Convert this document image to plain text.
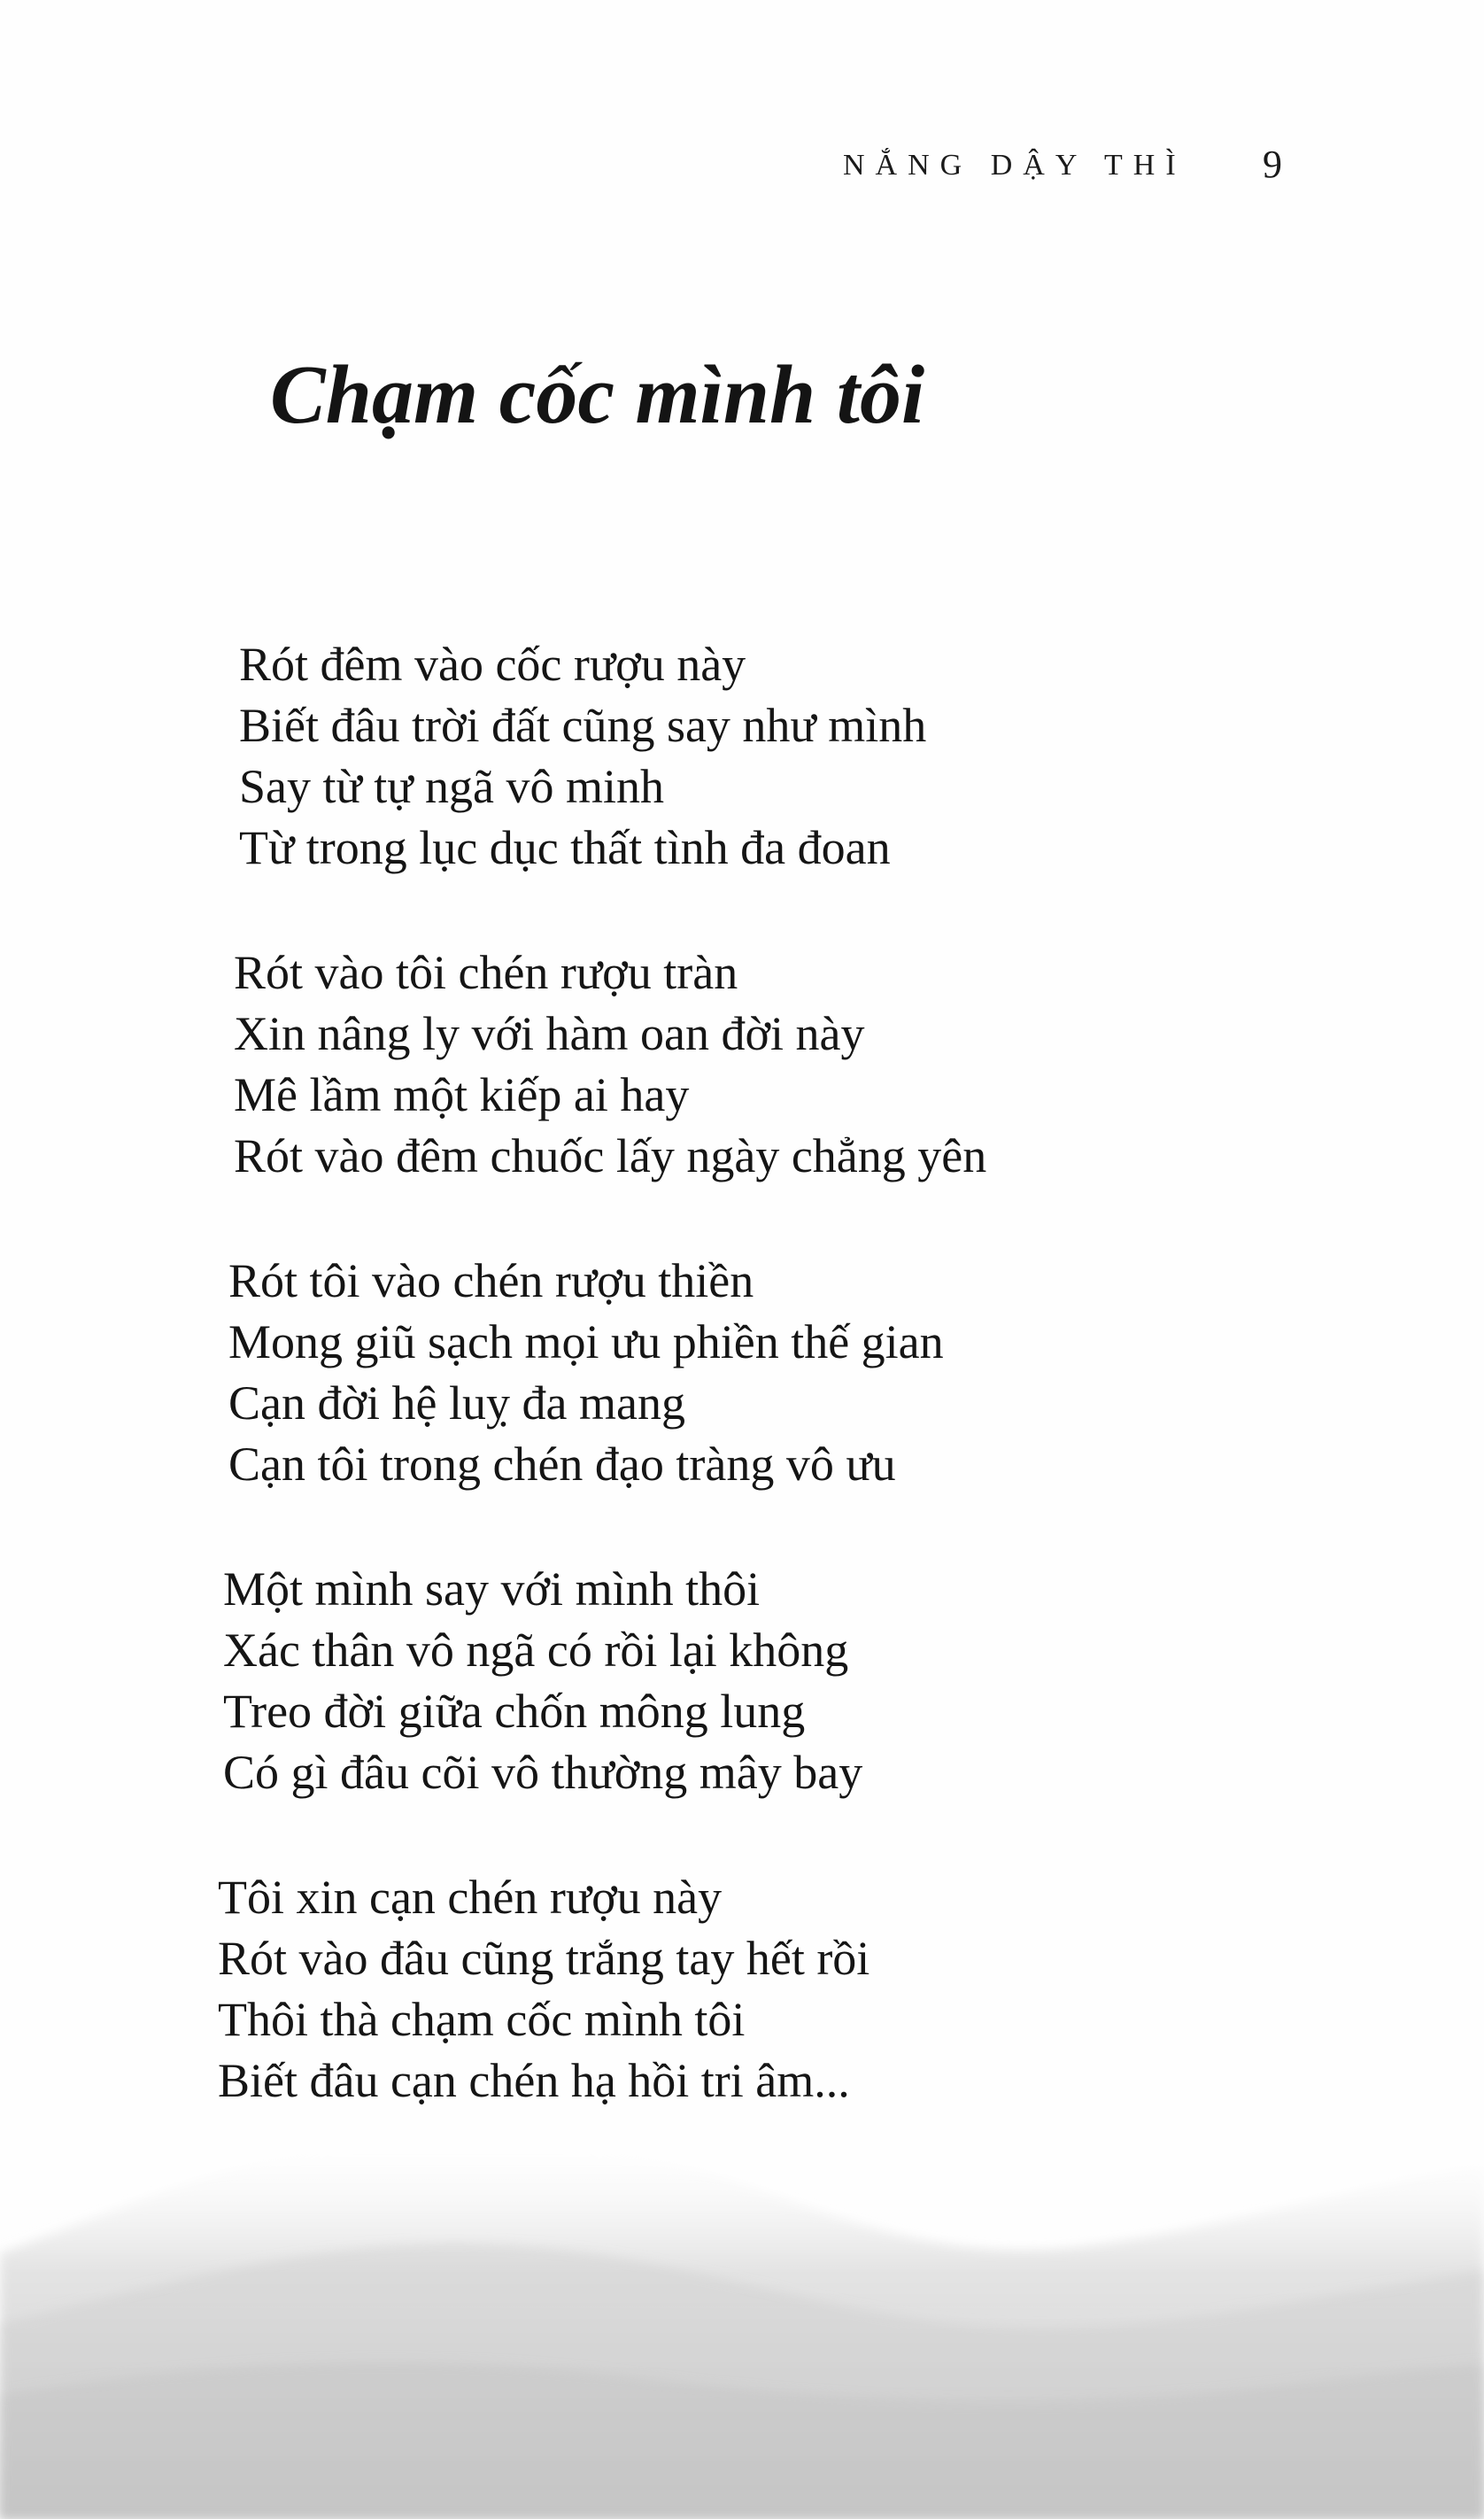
NẮNG DẬY THÌ 9
Chạm cốc mình tôi
Rót đêm vào cốc rượu này
Biết đâu trời đất cũng say như mình
Say từ tự ngã vô minh
Từ trong lục dục thất tình đa đoan
Rót vào tôi chén rượu tràn
Xin nâng ly với hàm oan đời này
Mê lầm một kiếp ai hay
Rót vào đêm chuốc lấy ngày chẳng yên
Rót tôi vào chén rượu thiền
Mong giũ sạch mọi ưu phiền thế gian
Cạn đời hệ luỵ đa mang
Cạn tôi trong chén đạo tràng vô ưu
Một mình say với mình thôi
Xác thân vô ngã có rồi lại không
Treo đời giữa chốn mông lung
Có gì đâu cõi vô thường mây bay
Tôi xin cạn chén rượu này
Rót vào đâu cũng trắng tay hết rồi
Thôi thà chạm cốc mình tôi
Biết đâu cạn chén hạ hồi tri âm...
